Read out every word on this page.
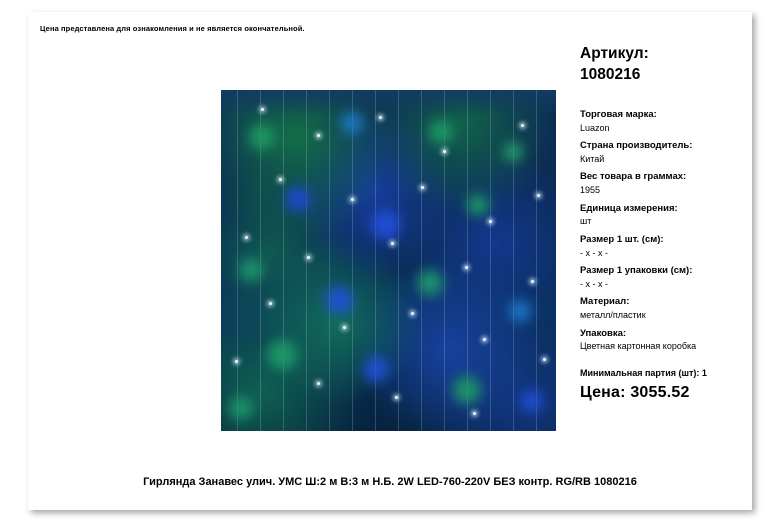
Цена представлена для ознакомления и не является окончательной.
Артикул:
1080216
Торговая марка:
Luazon
Страна производитель:
Китай
Вес товара в граммах:
1955
Единица измерения:
шт
Размер 1 шт. (см):
- x - x -
Размер 1 упаковки (см):
- x - x -
Материал:
металл/пластик
Упаковка:
Цветная картонная коробка
Минимальная партия (шт): 1
Цена: 3055.52
Гирлянда Занавес улич. УМС Ш:2 м В:3 м Н.Б. 2W LED-760-220V БЕЗ контр. RG/RB 1080216
